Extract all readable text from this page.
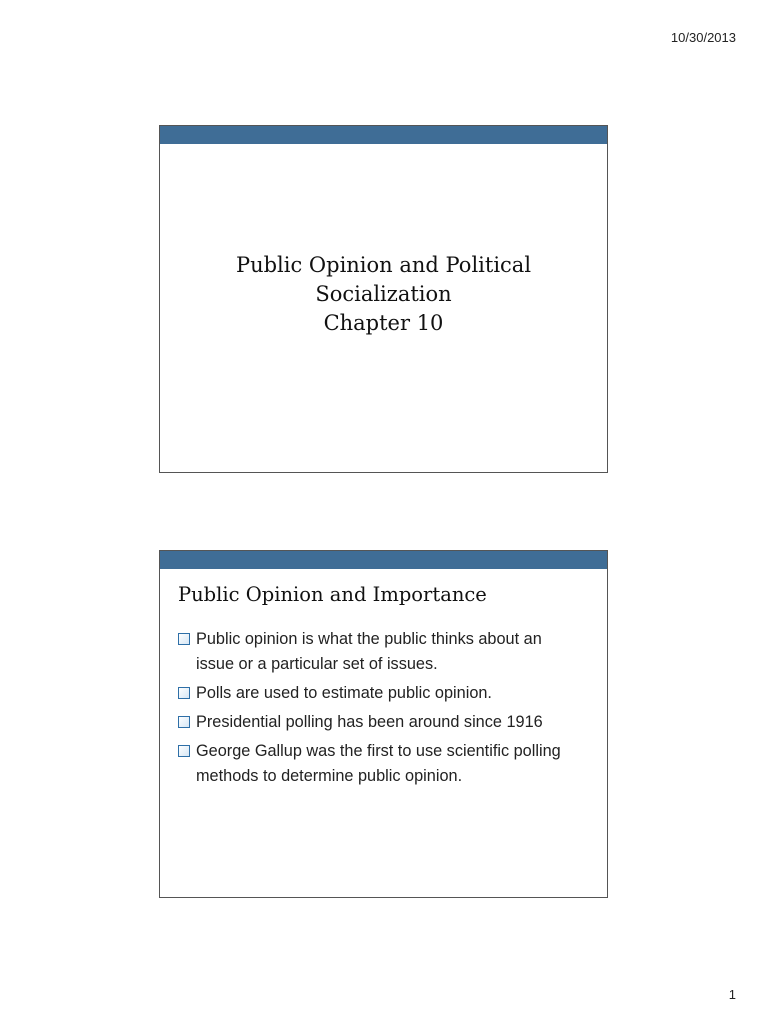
10/30/2013
Public Opinion and Political
Socialization
Chapter 10
Public Opinion and Importance
Public opinion is what the public thinks about an issue or a particular set of issues.
Polls are used to estimate public opinion.
Presidential polling has been around since 1916
George Gallup was the first to use scientific polling methods to determine public opinion.
1
